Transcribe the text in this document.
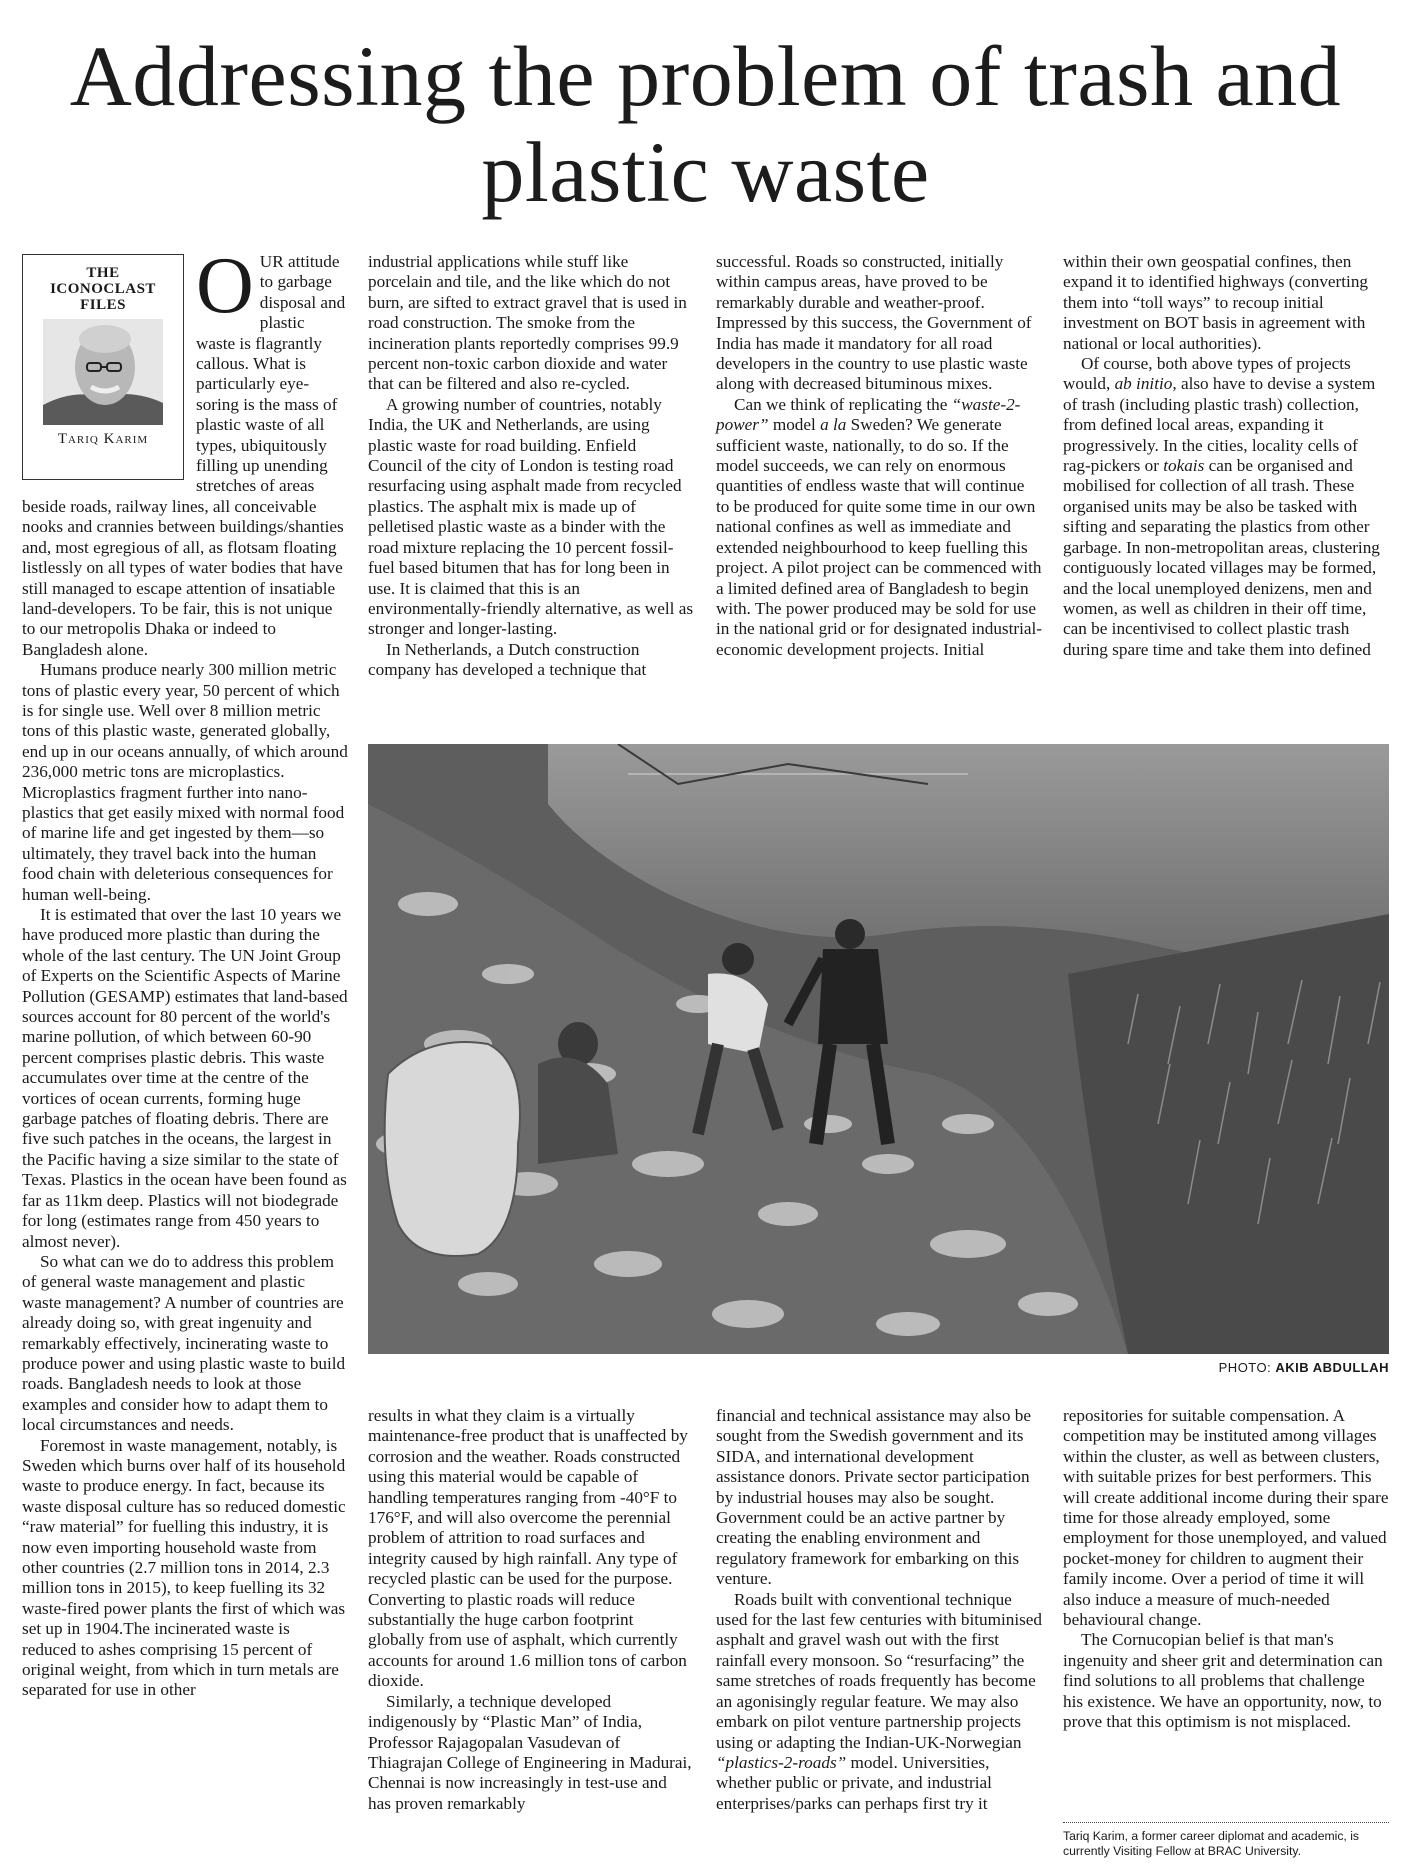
Addressing the problem of trash and plastic waste
THE
ICONOCLAST
FILES
Tariq Karim
O UR attitude to garbage disposal and plastic waste is flagrantly callous. What is particularly eye-soring is the mass of plastic waste of all types, ubiquitously filling up unending stretches of areas beside roads, railway lines, all conceivable nooks and crannies between buildings/shanties and, most egregious of all, as flotsam floating listlessly on all types of water bodies that have still managed to escape attention of insatiable land-developers. To be fair, this is not unique to our metropolis Dhaka or indeed to Bangladesh alone.

Humans produce nearly 300 million metric tons of plastic every year, 50 percent of which is for single use. Well over 8 million metric tons of this plastic waste, generated globally, end up in our oceans annually, of which around 236,000 metric tons are microplastics. Microplastics fragment further into nano-plastics that get easily mixed with normal food of marine life and get ingested by them—so ultimately, they travel back into the human food chain with deleterious consequences for human well-being.

It is estimated that over the last 10 years we have produced more plastic than during the whole of the last century. The UN Joint Group of Experts on the Scientific Aspects of Marine Pollution (GESAMP) estimates that land-based sources account for 80 percent of the world's marine pollution, of which between 60-90 percent comprises plastic debris. This waste accumulates over time at the centre of the vortices of ocean currents, forming huge garbage patches of floating debris. There are five such patches in the oceans, the largest in the Pacific having a size similar to the state of Texas. Plastics in the ocean have been found as far as 11km deep. Plastics will not biodegrade for long (estimates range from 450 years to almost never).

So what can we do to address this problem of general waste management and plastic waste management? A number of countries are already doing so, with great ingenuity and remarkably effectively, incinerating waste to produce power and using plastic waste to build roads. Bangladesh needs to look at those examples and consider how to adapt them to local circumstances and needs.

Foremost in waste management, notably, is Sweden which burns over half of its household waste to produce energy. In fact, because its waste disposal culture has so reduced domestic “raw material” for fuelling this industry, it is now even importing household waste from other countries (2.7 million tons in 2014, 2.3 million tons in 2015), to keep fuelling its 32 waste-fired power plants the first of which was set up in 1904.The incinerated waste is reduced to ashes comprising 15 percent of original weight, from which in turn metals are separated for use in other

industrial applications while stuff like porcelain and tile, and the like which do not burn, are sifted to extract gravel that is used in road construction. The smoke from the incineration plants reportedly comprises 99.9 percent non-toxic carbon dioxide and water that can be filtered and also re-cycled.

A growing number of countries, notably India, the UK and Netherlands, are using plastic waste for road building. Enfield Council of the city of London is testing road resurfacing using asphalt made from recycled plastics. The asphalt mix is made up of pelletised plastic waste as a binder with the road mixture replacing the 10 percent fossil-fuel based bitumen that has for long been in use. It is claimed that this is an environmentally-friendly alternative, as well as stronger and longer-lasting.

In Netherlands, a Dutch construction company has developed a technique that

successful. Roads so constructed, initially within campus areas, have proved to be remarkably durable and weather-proof. Impressed by this success, the Government of India has made it mandatory for all road developers in the country to use plastic waste along with decreased bituminous mixes.

Can we think of replicating the “waste-2-power” model a la Sweden? We generate sufficient waste, nationally, to do so. If the model succeeds, we can rely on enormous quantities of endless waste that will continue to be produced for quite some time in our own national confines as well as immediate and extended neighbourhood to keep fuelling this project. A pilot project can be commenced with a limited defined area of Bangladesh to begin with. The power produced may be sold for use in the national grid or for designated industrial-economic development projects. Initial

within their own geospatial confines, then expand it to identified highways (converting them into “toll ways” to recoup initial investment on BOT basis in agreement with national or local authorities).

Of course, both above types of projects would, ab initio, also have to devise a system of trash (including plastic trash) collection, from defined local areas, expanding it progressively. In the cities, locality cells of rag-pickers or tokais can be organised and mobilised for collection of all trash. These organised units may be also be tasked with sifting and separating the plastics from other garbage. In non-metropolitan areas, clustering contiguously located villages may be formed, and the local unemployed denizens, men and women, as well as children in their off time, can be incentivised to collect plastic trash during spare time and take them into defined

PHOTO: AKIB ABDULLAH

results in what they claim is a virtually maintenance-free product that is unaffected by corrosion and the weather. Roads constructed using this material would be capable of handling temperatures ranging from -40°F to 176°F, and will also overcome the perennial problem of attrition to road surfaces and integrity caused by high rainfall. Any type of recycled plastic can be used for the purpose. Converting to plastic roads will reduce substantially the huge carbon footprint globally from use of asphalt, which currently accounts for around 1.6 million tons of carbon dioxide.

Similarly, a technique developed indigenously by “Plastic Man” of India, Professor Rajagopalan Vasudevan of Thiagrajan College of Engineering in Madurai, Chennai is now increasingly in test-use and has proven remarkably

financial and technical assistance may also be sought from the Swedish government and its SIDA, and international development assistance donors. Private sector participation by industrial houses may also be sought. Government could be an active partner by creating the enabling environment and regulatory framework for embarking on this venture.

Roads built with conventional technique used for the last few centuries with bituminised asphalt and gravel wash out with the first rainfall every monsoon. So “resurfacing” the same stretches of roads frequently has become an agonisingly regular feature. We may also embark on pilot venture partnership projects using or adapting the Indian-UK-Norwegian “plastics-2-roads” model. Universities, whether public or private, and industrial enterprises/parks can perhaps first try it

repositories for suitable compensation. A competition may be instituted among villages within the cluster, as well as between clusters, with suitable prizes for best performers. This will create additional income during their spare time for those already employed, some employment for those unemployed, and valued pocket-money for children to augment their family income. Over a period of time it will also induce a measure of much-needed behavioural change.

The Cornucopian belief is that man's ingenuity and sheer grit and determination can find solutions to all problems that challenge his existence. We have an opportunity, now, to prove that this optimism is not misplaced.

Tariq Karim, a former career diplomat and academic, is currently Visiting Fellow at BRAC University.
